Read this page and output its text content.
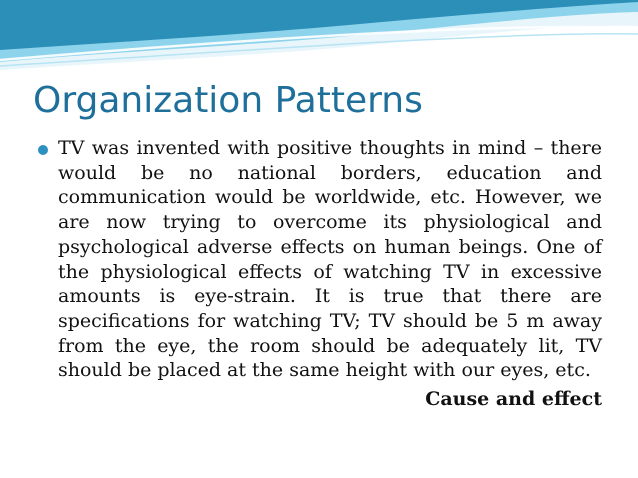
Organization Patterns
TV was invented with positive thoughts in mind – there would be no national borders, education and communication would be worldwide, etc. However, we are now trying to overcome its physiological and psychological adverse effects on human beings. One of the physiological effects of watching TV in excessive amounts is eye-strain. It is true that there are specifications for watching TV; TV should be 5 m away from the eye, the room should be adequately lit, TV should be placed at the same height with our eyes, etc.
Cause and effect
